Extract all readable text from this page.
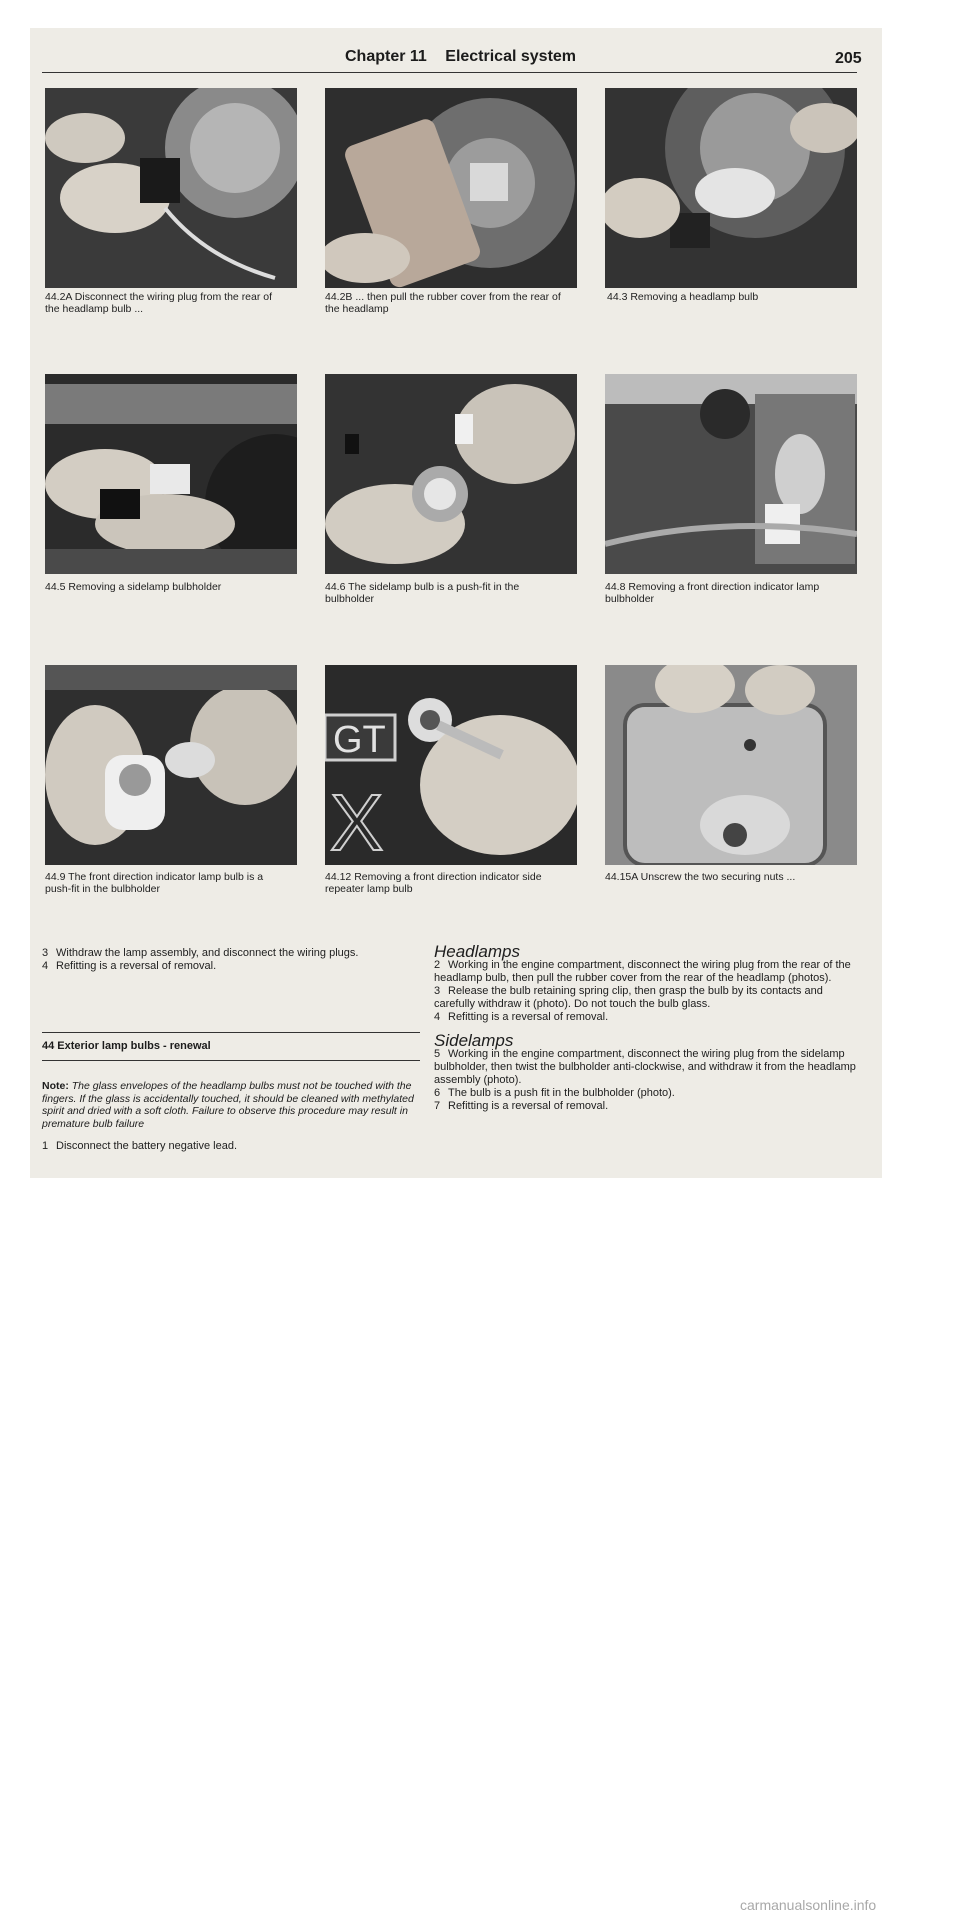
Chapter 11 Electrical system	205
44.2A Disconnect the wiring plug from the rear of the headlamp bulb ...
44.2B ... then pull the rubber cover from the rear of the headlamp
44.3 Removing a headlamp bulb
44.5 Removing a sidelamp bulbholder	44.6 The sidelamp bulb is a push-fit in the bulbholder
44.8 Removing a front direction indicator lamp bulbholder
GT
X
44.9 The front direction indicator lamp bulb is a push-fit in the bulbholder
44.12 Removing a front direction indicator side repeater lamp bulb
44.15A Unscrew the two securing nuts ...

3 Withdraw the lamp assembly, and disconnect the wiring plugs.

4 Refitting is a reversal of removal.

44 Exterior lamp bulbs - renewal
Note: The glass envelopes of the headlamp bulbs must not be touched with the fingers. If the glass is accidentally touched, it should be cleaned with methylated spirit and dried with a soft cloth. Failure to observe this procedure may result in premature bulb failure

1 Disconnect the battery negative lead.

Headlamps

2 Working in the engine compartment, disconnect the wiring plug from the rear of the headlamp bulb, then pull the rubber cover from the rear of the headlamp (photos).

3 Release the bulb retaining spring clip, then grasp the bulb by its contacts and carefully withdraw it (photo). Do not touch the bulb glass.

4 Refitting is a reversal of removal.

Sidelamps

5 Working in the engine compartment, disconnect the wiring plug from the sidelamp bulbholder, then twist the bulbholder anti-clockwise, and withdraw it from the headlamp assembly (photo).

6 The bulb is a push fit in the bulbholder (photo).

7 Refitting is a reversal of removal.

carmanualsonline.info
